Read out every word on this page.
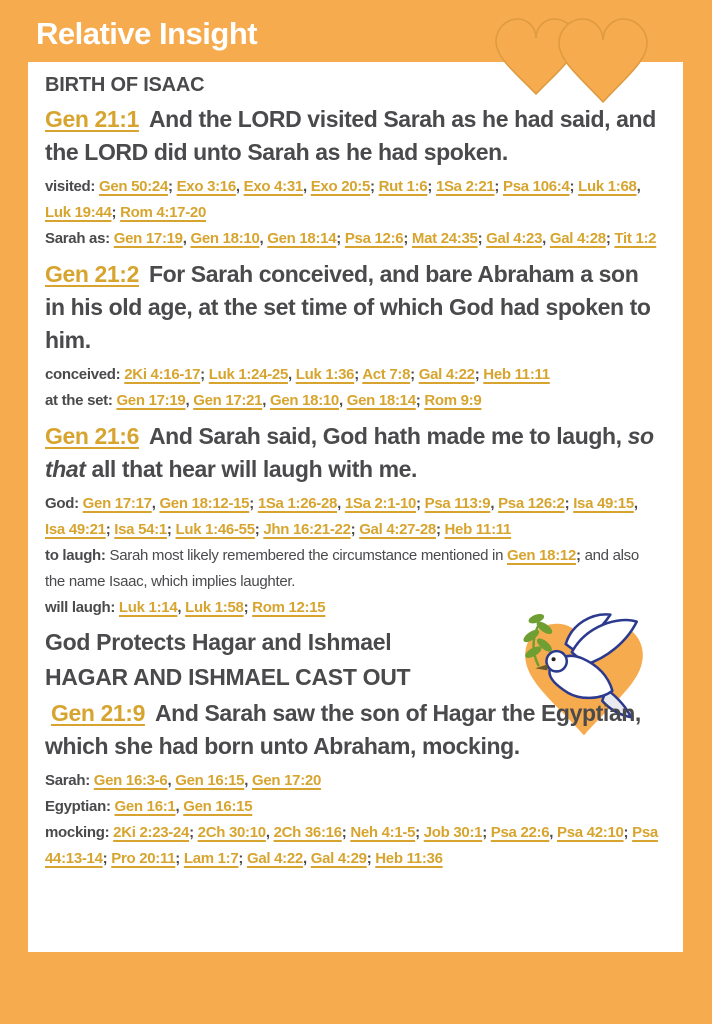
Relative Insight
BIRTH OF ISAAC

Gen 21:1 And the LORD visited Sarah as he had said, and the LORD did unto Sarah as he had spoken.

visited: Gen 50:24; Exo 3:16, Exo 4:31, Exo 20:5; Rut 1:6; 1Sa 2:21; Psa 106:4; Luk 1:68, Luk 19:44; Rom 4:17-20

Sarah as: Gen 17:19, Gen 18:10, Gen 18:14; Psa 12:6; Mat 24:35; Gal 4:23, Gal 4:28; Tit 1:2

Gen 21:2 For Sarah conceived, and bare Abraham a son in his old age, at the set time of which God had spoken to him.

conceived: 2Ki 4:16-17; Luk 1:24-25, Luk 1:36; Act 7:8; Gal 4:22; Heb 11:11

at the set: Gen 17:19, Gen 17:21, Gen 18:10, Gen 18:14; Rom 9:9

Gen 21:6 And Sarah said, God hath made me to laugh, so that all that hear will laugh with me.

God: Gen 17:17, Gen 18:12-15; 1Sa 1:26-28, 1Sa 2:1-10; Psa 113:9, Psa 126:2; Isa 49:15, Isa 49:21; Isa 54:1; Luk 1:46-55; Jhn 16:21-22; Gal 4:27-28; Heb 11:11

to laugh: Sarah most likely remembered the circumstance mentioned in Gen 18:12; and also the name Isaac, which implies laughter.

will laugh: Luk 1:14, Luk 1:58; Rom 12:15

God Protects Hagar and Ishmael
HAGAR AND ISHMAEL CAST OUT

Gen 21:9 And Sarah saw the son of Hagar the Egyptian, which she had born unto Abraham, mocking.

Sarah: Gen 16:3-6, Gen 16:15, Gen 17:20

Egyptian: Gen 16:1, Gen 16:15

mocking: 2Ki 2:23-24; 2Ch 30:10, 2Ch 36:16; Neh 4:1-5; Job 30:1; Psa 22:6, Psa 42:10; Psa 44:13-14; Pro 20:11; Lam 1:7; Gal 4:22, Gal 4:29; Heb 11:36
